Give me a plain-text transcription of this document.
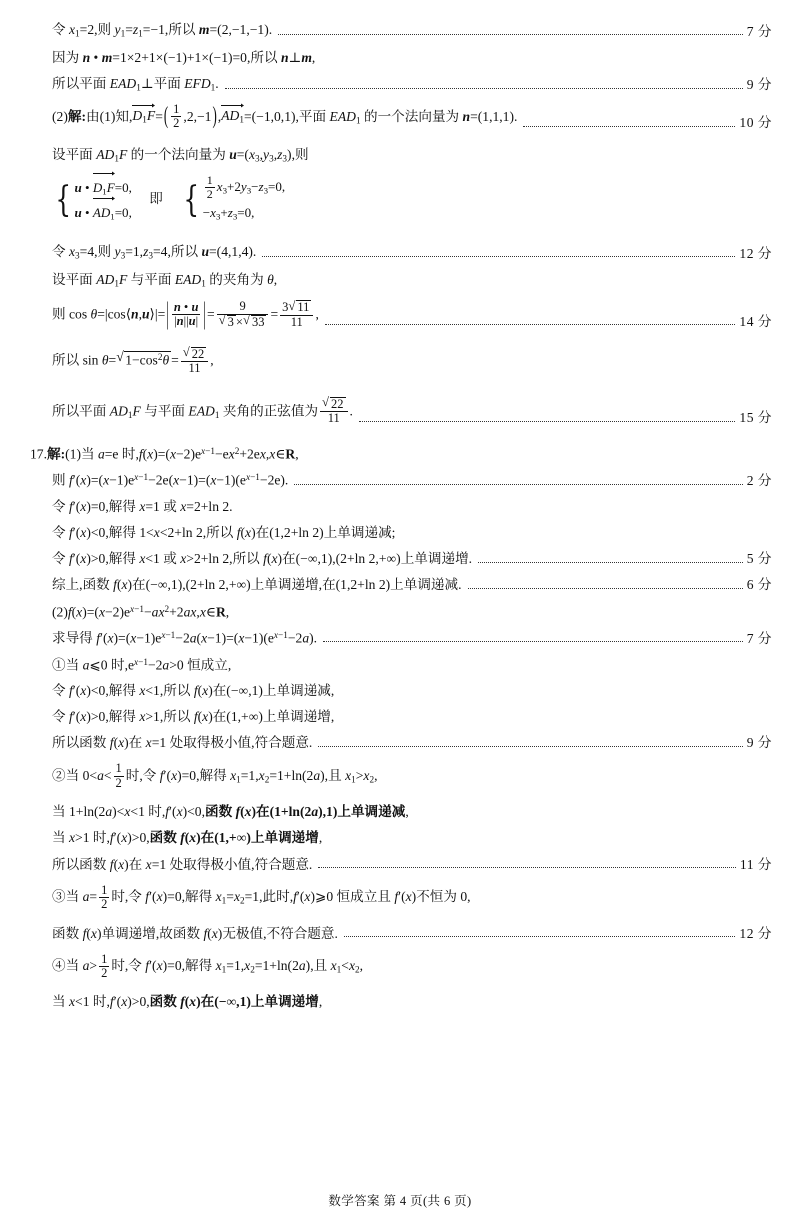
令 $x_1=2$,则 $y_1=z_1=-1$,所以 m=(2,−1,−1).	7 分
因为 n • m=1×2+1×(−1)+1×(−1)=0,所以 n⊥m,
所以平面 $EAD_1\perp$平面 $EFD_1$.	9 分
(2)解:由(1)知$,D_1F=( \frac{1}{2} ,2,-1),AD_1=(-1,0,1)$,平面 $EAD_1$ 的一个法向量为 n=(1,1,1).	10 分
设平面 $AD_1F$ 的一个法向量为 $u=(x_3,y_3,z_3)$,则
{ u • $D_1F=0$,
u • $AD_1=0$,
即 { $\frac{1}{2} x_3+2y_3-z_3=0$,
$-x_3+z_3=0$,
令 $x_3=4$,则 $y_3=1,z_3=4$,所以 u=(4,1,4).	12 分
设平面 $AD_1F$ 与平面 $EAD_1$ 的夹角为 θ,
则 cos θ=|cos⟨n,u⟩|=| $\frac{n • u}{|n||u|}$ |= 9
√ 3 × √ $33 = \frac{3 √ 11}{11}$ ,	14 分
所以 sin θ= √ $1-\cos^2\theta$ = √ $\frac{22}{11}$ ,
所以平面 $AD_1F$ 与平面 $EAD_1$ 夹角的正弦值为 √ $\frac{22}{11}$ .	15 分
17.解:(1)当 a=e 时$,f(x)=(x-2)e^{x-1}-ex^2+2ex,x\in R$,
则 $f'(x)=(x-1)e^{x-1}-2e(x-1)=(x-1)(e^{x-1}-2e)$.	2 分
令 f′(x)=0,解得 x=1 或 x=2+ln 2.
令 f′(x)<0,解得 1<x<2+ln 2,所以 f(x)在(1,2+ln 2)上单调递减;
令 f′(x)>0,解得 x<1 或 x>2+ln 2,所以 f(x)在(−∞,1),(2+ln 2,+∞)上单调递增.	5 分
综上,函数 f(x)在(−∞,1),(2+ln 2,+∞)上单调递增,在(1,2+ln 2)上单调递减.	6 分
$(2)f(x)=(x-2)e^{x-1}-ax^2+2ax,x\in R$,
求导得 $f'(x)=(x-1)e^{x-1}-2a(x-1)=(x-1)(e^{x-1}-2a)$.	7 分
①当 a⩽0 时$,e^{x-1}-2a>0$ 恒成立,
令 f′(x)<0,解得 x<1,所以 f(x)在(−∞,1)上单调递减,
令 f′(x)>0,解得 x>1,所以 f(x)在(1,+∞)上单调递增,
所以函数 f(x)在 x=1 处取得极小值,符合题意.	9 分
②当 $0<a< \frac{1}{2}$ 时,令 f′(x)=0,解得 $x_1=1,x_2=1+\ln(2a)$,且 $x_1>x_2$,
当 1+ln(2a)<x<1 时,f′(x)<0,函数 f(x)在(1+ln(2a),1)上单调递减,
当 x>1 时,f′(x)>0,函数 f(x)在(1,+∞)上单调递增,
所以函数 f(x)在 x=1 处取得极小值,符合题意.	11 分
③当 $a= \frac{1}{2}$ 时,令 f′(x)=0,解得 $x_1=x_2=1$,此时,f′(x)⩾0 恒成立且 f′(x)不恒为 0,
函数 f(x)单调递增,故函数 f(x)无极值,不符合题意.	12 分
④当 $a> \frac{1}{2}$ 时,令 f′(x)=0,解得 $x_1=1,x_2=1+\ln(2a)$,且 $x_1<x_2$,
当 x<1 时,f′(x)>0,函数 f(x)在(−∞,1)上单调递增,
数学答案 第 4 页(共 6 页)
